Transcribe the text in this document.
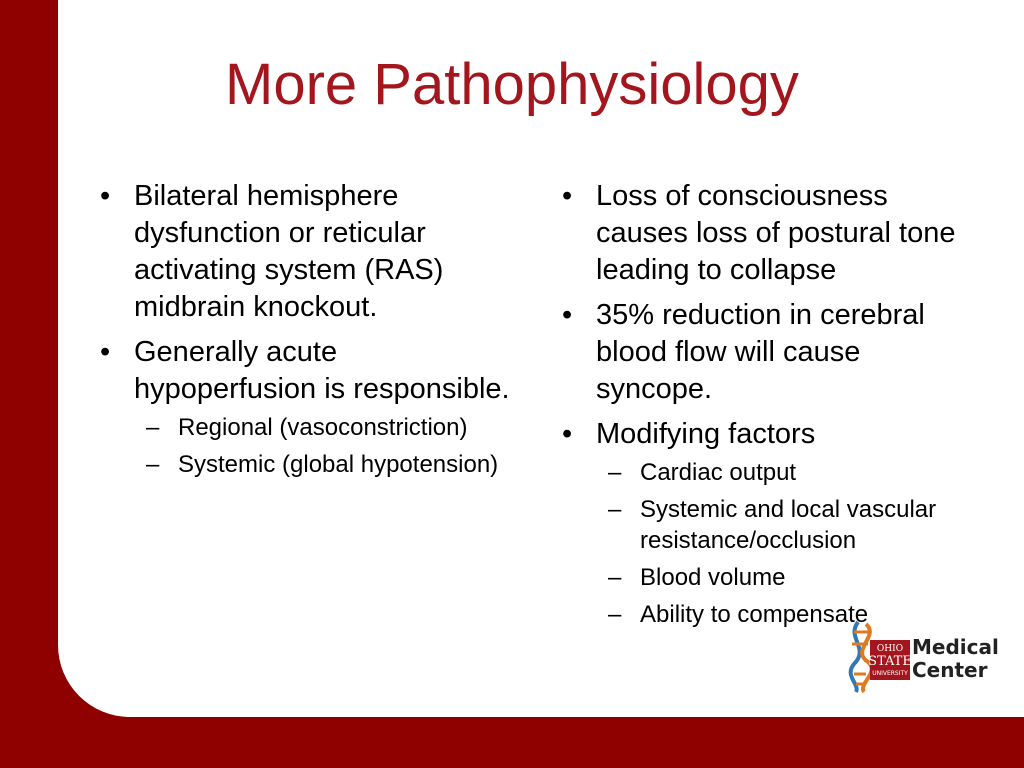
More Pathophysiology
• Bilateral hemisphere dysfunction or reticular activating system (RAS) midbrain knockout.
• Generally acute hypoperfusion is responsible.
– Regional (vasoconstriction)
– Systemic (global hypotension)
• Loss of consciousness causes loss of postural tone leading to collapse
• 35% reduction in cerebral blood flow will cause syncope.
• Modifying factors
– Cardiac output
– Systemic and local vascular resistance/occlusion
– Blood volume
– Ability to compensate
OHIO
STATE
UNIVERSITY
Medical
Center
